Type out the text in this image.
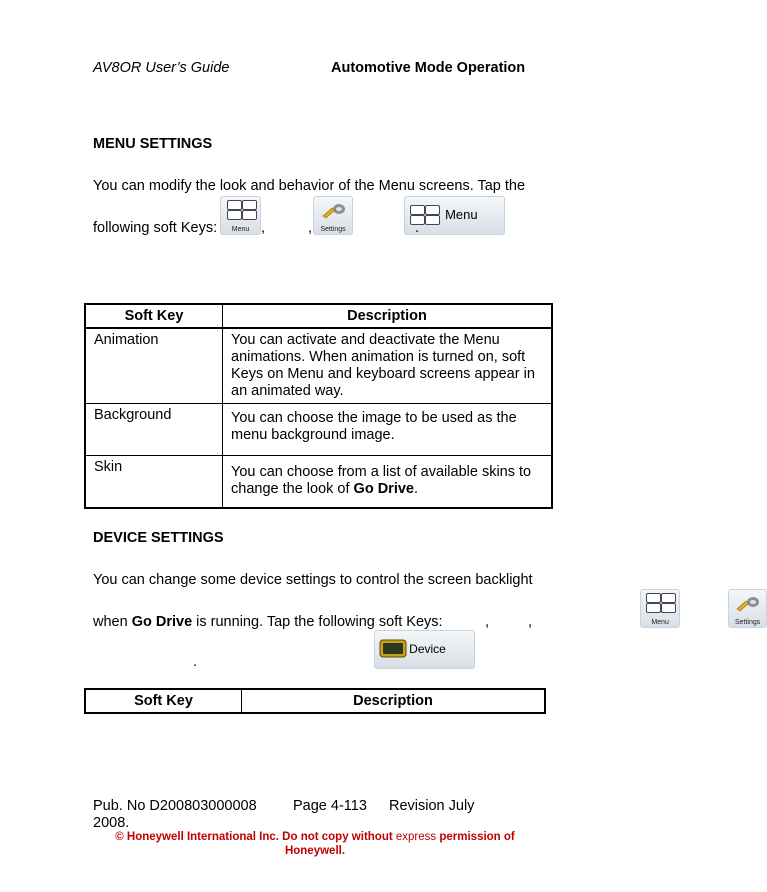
AV8OR User’s Guide	Automotive Mode Operation
MENU SETTINGS
You can modify the look and behavior of the Menu screens. Tap the
following soft Keys:	Menu
,	Settings

,
Menu

.
Soft Key	Description
Animation	You can activate and deactivate the Menu animations. When animation is turned on, soft Keys on Menu and keyboard screens appear in an animated way.
Background	You can choose the image to be used as the menu background image.
Skin	You can choose from a list of available skins to change the look of Go Drive.
DEVICE SETTINGS
You can change some device settings to control the screen backlight
when Go Drive is running. Tap the following soft Keys:	Menu

,	Settings

,
Device
.
Soft Key	Description
Pub. No D200803000008	Page 4-113 Revision July
2008.
© Honeywell International Inc. Do not copy without express permission of
Honeywell.
